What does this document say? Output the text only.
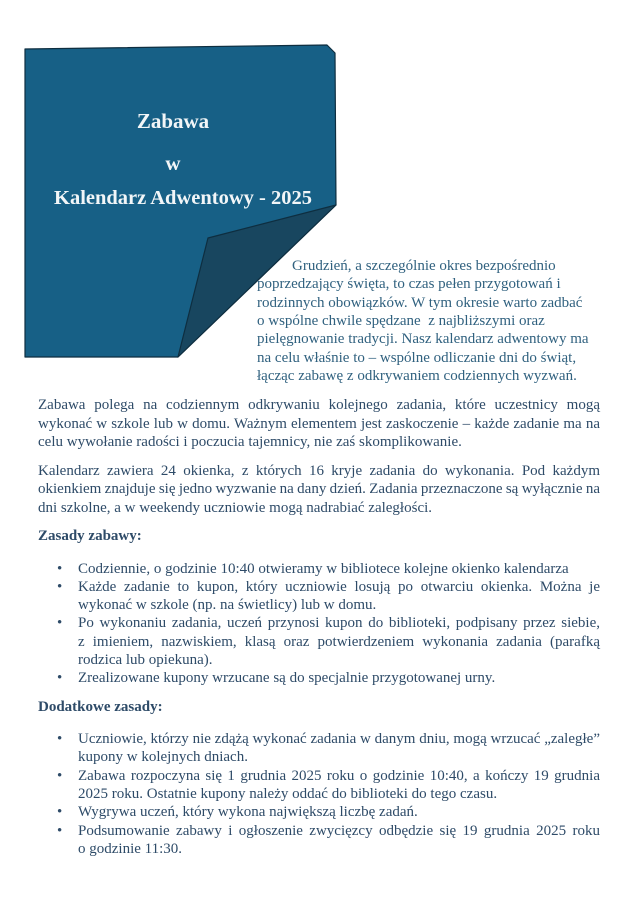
Zabawa
w
Kalendarz Adwentowy - 2025
Grudzień, a szczególnie okres bezpośrednio
poprzedzający święta, to czas pełen przygotowań i
rodzinnych obowiązków. W tym okresie warto zadbać
o wspólne chwile spędzane  z najbliższymi oraz
pielęgnowanie tradycji. Nasz kalendarz adwentowy ma
na celu właśnie to – wspólne odliczanie dni do świąt,
łącząc zabawę z odkrywaniem codziennych wyzwań.
Zabawa polega na codziennym odkrywaniu kolejnego zadania, które uczestnicy mogą
wykonać w szkole lub w domu. Ważnym elementem jest zaskoczenie – każde zadanie ma na
celu wywołanie radości i poczucia tajemnicy, nie zaś skomplikowanie.
Kalendarz zawiera 24 okienka, z których 16 kryje zadania do wykonania. Pod każdym
okienkiem znajduje się jedno wyzwanie na dany dzień. Zadania przeznaczone są wyłącznie na
dni szkolne, a w weekendy uczniowie mogą nadrabiać zaległości.
Zasady zabawy:
• Codziennie, o godzinie 10:40 otwieramy w bibliotece kolejne okienko kalendarza
• Każde zadanie to kupon, który uczniowie losują po otwarciu okienka. Można je
wykonać w szkole (np. na świetlicy) lub w domu.
• Po wykonaniu zadania, uczeń przynosi kupon do biblioteki, podpisany przez siebie,
z imieniem, nazwiskiem, klasą oraz potwierdzeniem wykonania zadania (parafką
rodzica lub opiekuna).
• Zrealizowane kupony wrzucane są do specjalnie przygotowanej urny.
Dodatkowe zasady:
• Uczniowie, którzy nie zdążą wykonać zadania w danym dniu, mogą wrzucać „zaległe”
kupony w kolejnych dniach.
• Zabawa rozpoczyna się 1 grudnia 2025 roku o godzinie 10:40, a kończy 19 grudnia
2025 roku. Ostatnie kupony należy oddać do biblioteki do tego czasu.
• Wygrywa uczeń, który wykona największą liczbę zadań.
• Podsumowanie zabawy i ogłoszenie zwycięzcy odbędzie się 19 grudnia 2025 roku
o godzinie 11:30.
